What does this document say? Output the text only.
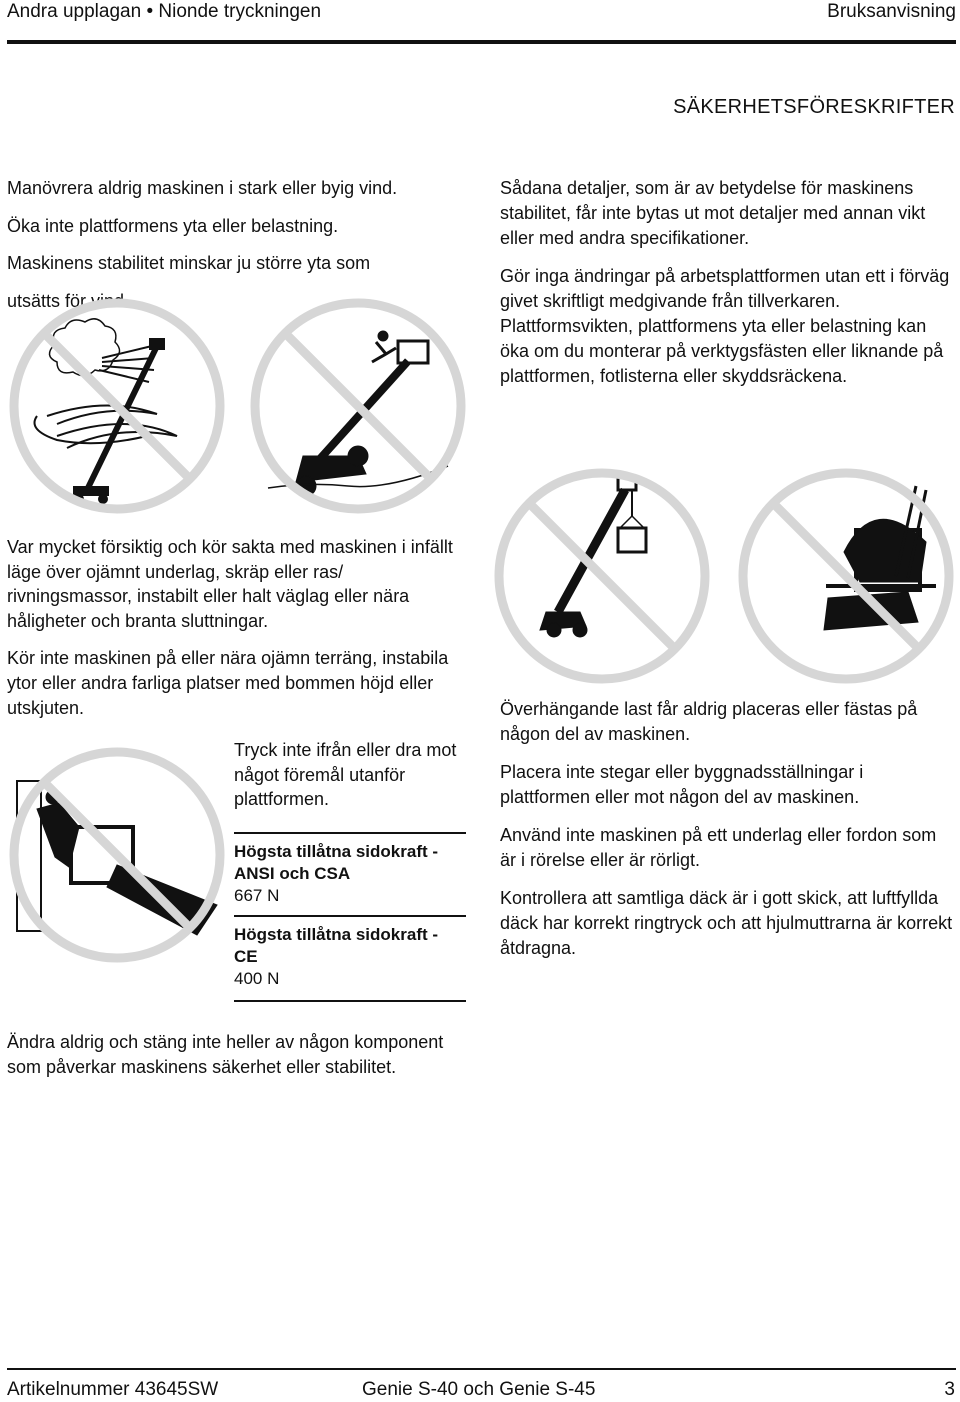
Andra upplagan • Nionde tryckningen	Bruksanvisning
SÄKERHETSFÖRESKRIFTER
Manövrera aldrig maskinen i stark eller byig vind.
Öka inte plattformens yta eller belastning.
Maskinens stabilitet minskar ju större yta som
utsätts för vind.

Sådana detaljer, som är av betydelse för maskinens stabilitet, får inte bytas ut mot detaljer med annan vikt eller med andra specifikationer.

Gör inga ändringar på arbetsplattformen utan ett i förväg givet skriftligt medgivande från tillverkaren. Plattformsvikten, plattformens yta eller belastning kan öka om du monterar på verktygsfästen eller liknande på plattformen, fotlisterna eller skyddsräckena.

Var mycket försiktig och kör sakta med maskinen i infällt läge över ojämnt underlag, skräp eller ras/ rivningsmassor, instabilt eller halt väglag eller nära håligheter och branta sluttningar.

Kör inte maskinen på eller nära ojämn terräng, instabila ytor eller andra farliga platser med bommen höjd eller utskjuten.	Överhängande last får aldrig placeras eller fästas på någon del av maskinen.

Placera inte stegar eller byggnadsställningar i plattformen eller mot någon del av maskinen.

Använd inte maskinen på ett underlag eller fordon som är i rörelse eller är rörligt.

Kontrollera att samtliga däck är i gott skick, att luftfyllda däck har korrekt ringtryck och att hjulmuttrarna är korrekt åtdragna.

Tryck inte ifrån eller dra mot något föremål utanför plattformen.

Högsta tillåtna sidokraft - ANSI och CSA
667 N
Högsta tillåtna sidokraft - CE
400 N

Ändra aldrig och stäng inte heller av någon komponent som påverkar maskinens säkerhet eller stabilitet.

Artikelnummer 43645SW	Genie S-40 och Genie S-45	3
